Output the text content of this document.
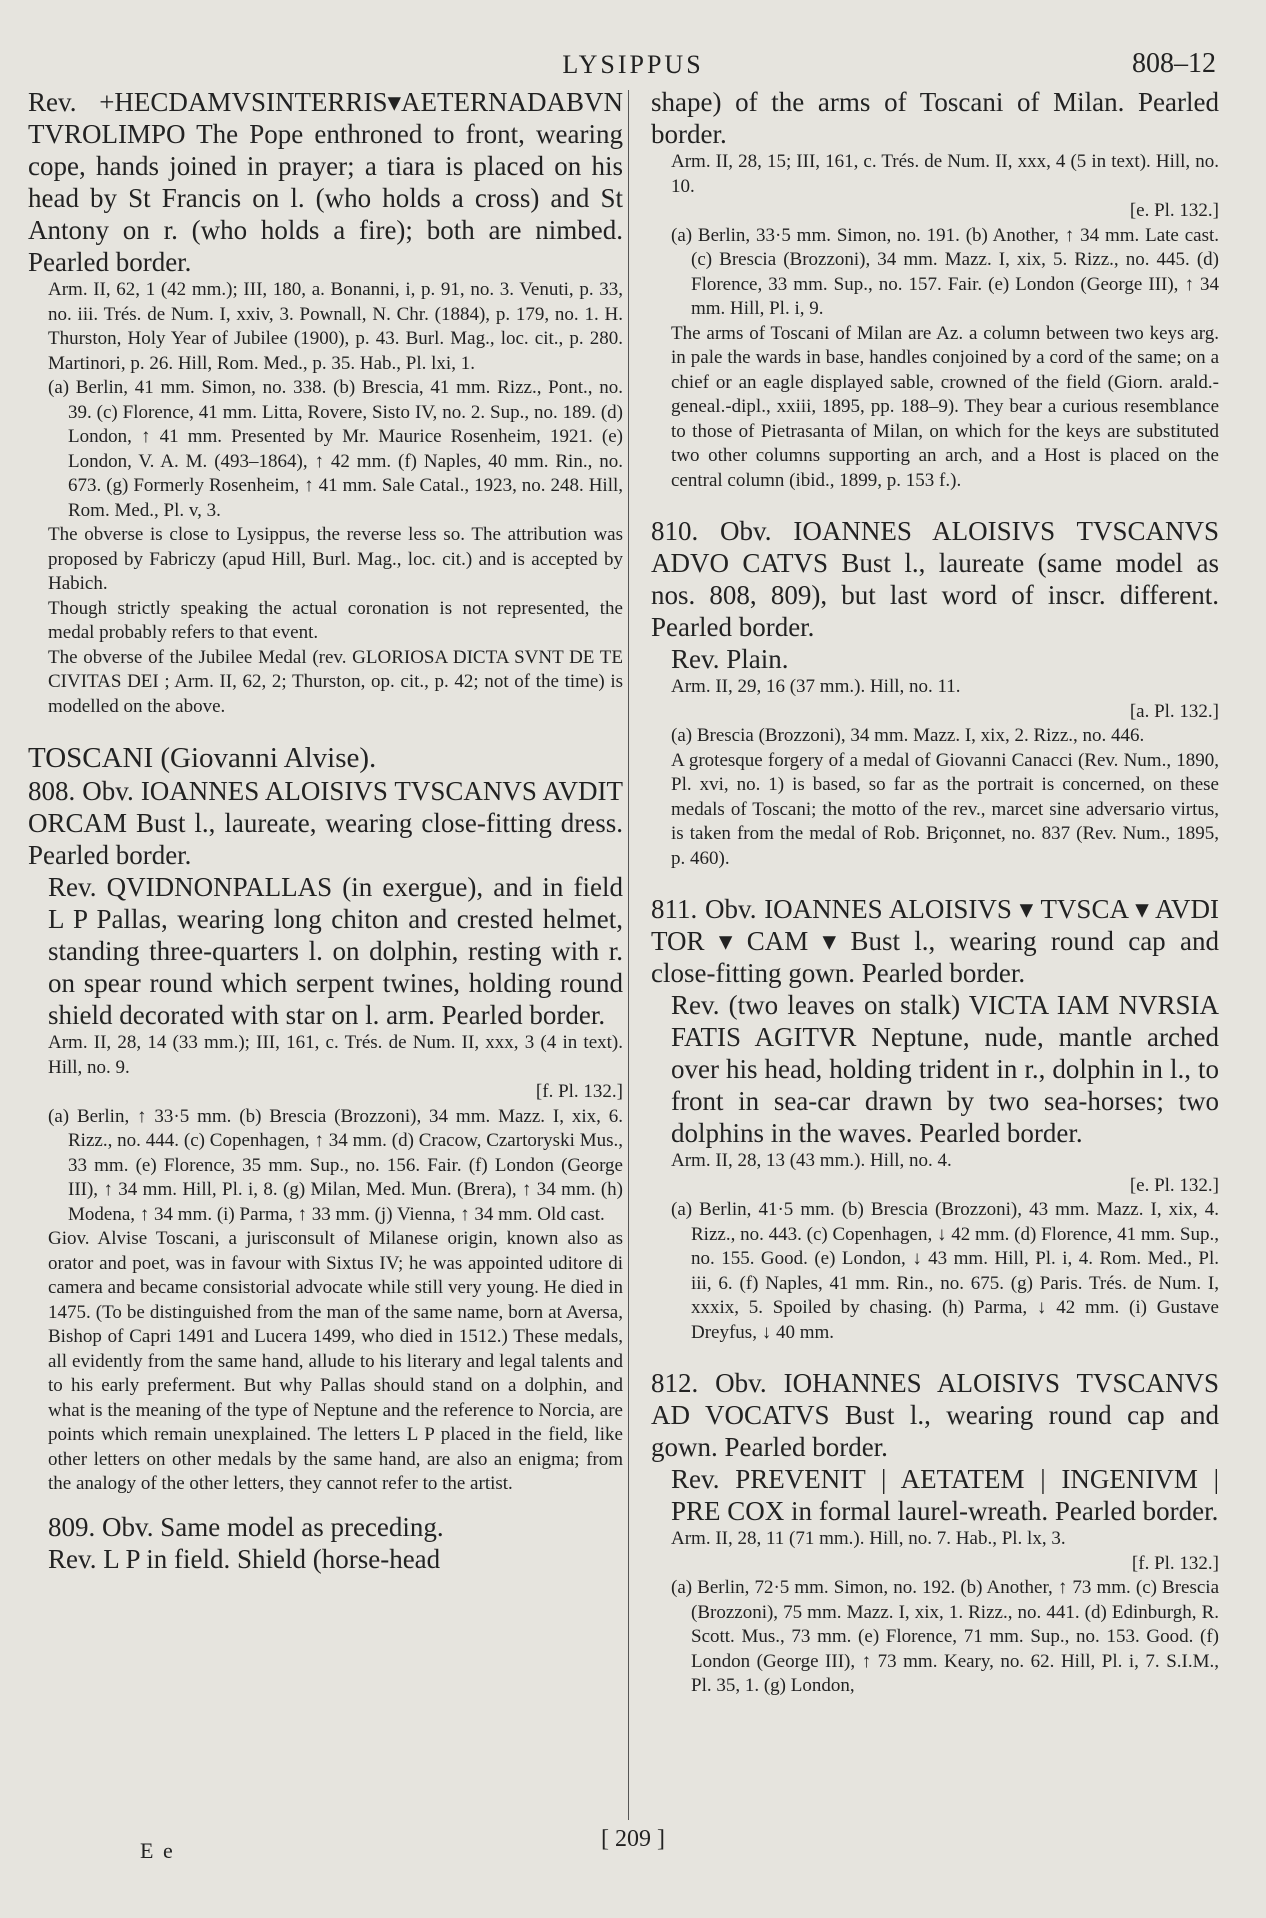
LYSIPPUS	808–12

Rev. +HECDAMVSINTERRIS▾AETERNADABVN TVROLIMPO The Pope enthroned to front, wearing cope, hands joined in prayer; a tiara is placed on his head by St Francis on l. (who holds a cross) and St Antony on r. (who holds a fire); both are nimbed. Pearled border.

Arm. II, 62, 1 (42 mm.); III, 180, a. Bonanni, i, p. 91, no. 3. Venuti, p. 33, no. iii. Trés. de Num. I, xxiv, 3. Pownall, N. Chr. (1884), p. 179, no. 1. H. Thurston, Holy Year of Jubilee (1900), p. 43. Burl. Mag., loc. cit., p. 280. Martinori, p. 26. Hill, Rom. Med., p. 35. Hab., Pl. lxi, 1.

(a) Berlin, 41 mm. Simon, no. 338. (b) Brescia, 41 mm. Rizz., Pont., no. 39. (c) Florence, 41 mm. Litta, Rovere, Sisto IV, no. 2. Sup., no. 189. (d) London, ↑ 41 mm. Presented by Mr. Maurice Rosenheim, 1921. (e) London, V. A. M. (493–1864), ↑ 42 mm. (f) Naples, 40 mm. Rin., no. 673. (g) Formerly Rosenheim, ↑ 41 mm. Sale Catal., 1923, no. 248. Hill, Rom. Med., Pl. v, 3.

The obverse is close to Lysippus, the reverse less so. The attribution was proposed by Fabriczy (apud Hill, Burl. Mag., loc. cit.) and is accepted by Habich.

Though strictly speaking the actual coronation is not represented, the medal probably refers to that event.

The obverse of the Jubilee Medal (rev. GLORIOSA DICTA SVNT DE TE CIVITAS DEI ; Arm. II, 62, 2; Thurston, op. cit., p. 42; not of the time) is modelled on the above.

TOSCANI (Giovanni Alvise).

808. Obv. IOANNES ALOISIVS TVSCANVS AVDIT ORCAM Bust l., laureate, wearing close-fitting dress. Pearled border.

Rev. QVIDNONPALLAS (in exergue), and in field L P Pallas, wearing long chiton and crested helmet, standing three-quarters l. on dolphin, resting with r. on spear round which serpent twines, holding round shield decorated with star on l. arm. Pearled border.

Arm. II, 28, 14 (33 mm.); III, 161, c. Trés. de Num. II, xxx, 3 (4 in text). Hill, no. 9.

[f. Pl. 132.]

(a) Berlin, ↑ 33·5 mm. (b) Brescia (Brozzoni), 34 mm. Mazz. I, xix, 6. Rizz., no. 444. (c) Copenhagen, ↑ 34 mm. (d) Cracow, Czartoryski Mus., 33 mm. (e) Florence, 35 mm. Sup., no. 156. Fair. (f) London (George III), ↑ 34 mm. Hill, Pl. i, 8. (g) Milan, Med. Mun. (Brera), ↑ 34 mm. (h) Modena, ↑ 34 mm. (i) Parma, ↑ 33 mm. (j) Vienna, ↑ 34 mm. Old cast.

Giov. Alvise Toscani, a jurisconsult of Milanese origin, known also as orator and poet, was in favour with Sixtus IV; he was appointed uditore di camera and became consistorial advocate while still very young. He died in 1475. (To be distinguished from the man of the same name, born at Aversa, Bishop of Capri 1491 and Lucera 1499, who died in 1512.) These medals, all evidently from the same hand, allude to his literary and legal talents and to his early preferment. But why Pallas should stand on a dolphin, and what is the meaning of the type of Neptune and the reference to Norcia, are points which remain unexplained. The letters L P placed in the field, like other letters on other medals by the same hand, are also an enigma; from the analogy of the other letters, they cannot refer to the artist.

809. Obv. Same model as preceding.

Rev. L P in field. Shield (horse-head

shape) of the arms of Toscani of Milan. Pearled border.

Arm. II, 28, 15; III, 161, c. Trés. de Num. II, xxx, 4 (5 in text). Hill, no. 10.

[e. Pl. 132.]

(a) Berlin, 33·5 mm. Simon, no. 191. (b) Another, ↑ 34 mm. Late cast. (c) Brescia (Brozzoni), 34 mm. Mazz. I, xix, 5. Rizz., no. 445. (d) Florence, 33 mm. Sup., no. 157. Fair. (e) London (George III), ↑ 34 mm. Hill, Pl. i, 9.

The arms of Toscani of Milan are Az. a column between two keys arg. in pale the wards in base, handles conjoined by a cord of the same; on a chief or an eagle displayed sable, crowned of the field (Giorn. arald.-geneal.-dipl., xxiii, 1895, pp. 188–9). They bear a curious resemblance to those of Pietrasanta of Milan, on which for the keys are substituted two other columns supporting an arch, and a Host is placed on the central column (ibid., 1899, p. 153 f.).

810. Obv. IOANNES ALOISIVS TVSCANVS ADVO CATVS Bust l., laureate (same model as nos. 808, 809), but last word of inscr. different. Pearled border.

Rev. Plain.

Arm. II, 29, 16 (37 mm.). Hill, no. 11.

[a. Pl. 132.]

(a) Brescia (Brozzoni), 34 mm. Mazz. I, xix, 2. Rizz., no. 446.

A grotesque forgery of a medal of Giovanni Canacci (Rev. Num., 1890, Pl. xvi, no. 1) is based, so far as the portrait is concerned, on these medals of Toscani; the motto of the rev., marcet sine adversario virtus, is taken from the medal of Rob. Briçonnet, no. 837 (Rev. Num., 1895, p. 460).

811. Obv. IOANNES ALOISIVS ▾ TVSCA ▾ AVDI TOR ▾ CAM ▾ Bust l., wearing round cap and close-fitting gown. Pearled border.

Rev. (two leaves on stalk) VICTA IAM NVRSIA FATIS AGITVR Neptune, nude, mantle arched over his head, holding trident in r., dolphin in l., to front in sea-car drawn by two sea-horses; two dolphins in the waves. Pearled border.

Arm. II, 28, 13 (43 mm.). Hill, no. 4.

[e. Pl. 132.]

(a) Berlin, 41·5 mm. (b) Brescia (Brozzoni), 43 mm. Mazz. I, xix, 4. Rizz., no. 443. (c) Copenhagen, ↓ 42 mm. (d) Florence, 41 mm. Sup., no. 155. Good. (e) London, ↓ 43 mm. Hill, Pl. i, 4. Rom. Med., Pl. iii, 6. (f) Naples, 41 mm. Rin., no. 675. (g) Paris. Trés. de Num. I, xxxix, 5. Spoiled by chasing. (h) Parma, ↓ 42 mm. (i) Gustave Dreyfus, ↓ 40 mm.

812. Obv. IOHANNES ALOISIVS TVSCANVS AD VOCATVS Bust l., wearing round cap and gown. Pearled border.

Rev. PREVENIT | AETATEM | INGENIVM | PRE COX in formal laurel-wreath. Pearled border.

Arm. II, 28, 11 (71 mm.). Hill, no. 7. Hab., Pl. lx, 3.

[f. Pl. 132.]

(a) Berlin, 72·5 mm. Simon, no. 192. (b) Another, ↑ 73 mm. (c) Brescia (Brozzoni), 75 mm. Mazz. I, xix, 1. Rizz., no. 441. (d) Edinburgh, R. Scott. Mus., 73 mm. (e) Florence, 71 mm. Sup., no. 153. Good. (f) London (George III), ↑ 73 mm. Keary, no. 62. Hill, Pl. i, 7. S.I.M., Pl. 35, 1. (g) London,

[ 209 ]
E e
